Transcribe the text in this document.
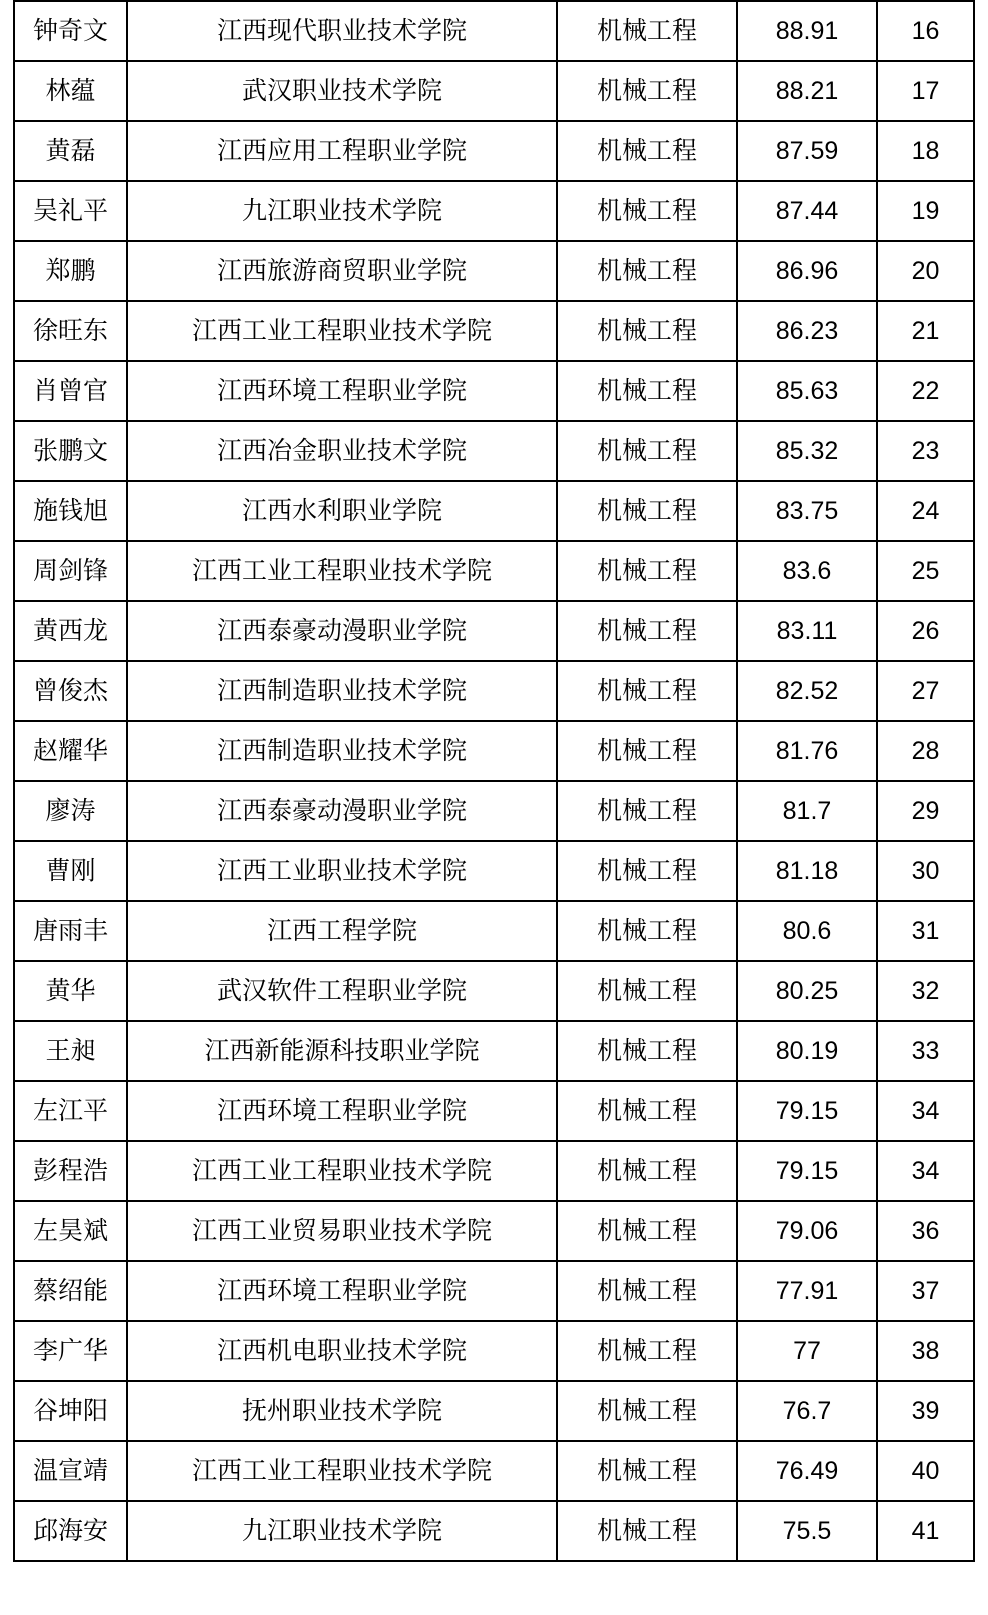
钟奇文	江西现代职业技术学院	机械工程	88.91	16
林蕴	武汉职业技术学院	机械工程	88.21	17
黄磊	江西应用工程职业学院	机械工程	87.59	18
吴礼平	九江职业技术学院	机械工程	87.44	19
郑鹏	江西旅游商贸职业学院	机械工程	86.96	20
徐旺东	江西工业工程职业技术学院	机械工程	86.23	21
肖曾官	江西环境工程职业学院	机械工程	85.63	22
张鹏文	江西冶金职业技术学院	机械工程	85.32	23
施钱旭	江西水利职业学院	机械工程	83.75	24
周剑锋	江西工业工程职业技术学院	机械工程	83.6	25
黄西龙	江西泰豪动漫职业学院	机械工程	83.11	26
曾俊杰	江西制造职业技术学院	机械工程	82.52	27
赵耀华	江西制造职业技术学院	机械工程	81.76	28
廖涛	江西泰豪动漫职业学院	机械工程	81.7	29
曹刚	江西工业职业技术学院	机械工程	81.18	30
唐雨丰	江西工程学院	机械工程	80.6	31
黄华	武汉软件工程职业学院	机械工程	80.25	32
王昶	江西新能源科技职业学院	机械工程	80.19	33
左江平	江西环境工程职业学院	机械工程	79.15	34
彭程浩	江西工业工程职业技术学院	机械工程	79.15	34
左昊斌	江西工业贸易职业技术学院	机械工程	79.06	36
蔡绍能	江西环境工程职业学院	机械工程	77.91	37
李广华	江西机电职业技术学院	机械工程	77	38
谷坤阳	抚州职业技术学院	机械工程	76.7	39
温宣靖	江西工业工程职业技术学院	机械工程	76.49	40
邱海安	九江职业技术学院	机械工程	75.5	41
